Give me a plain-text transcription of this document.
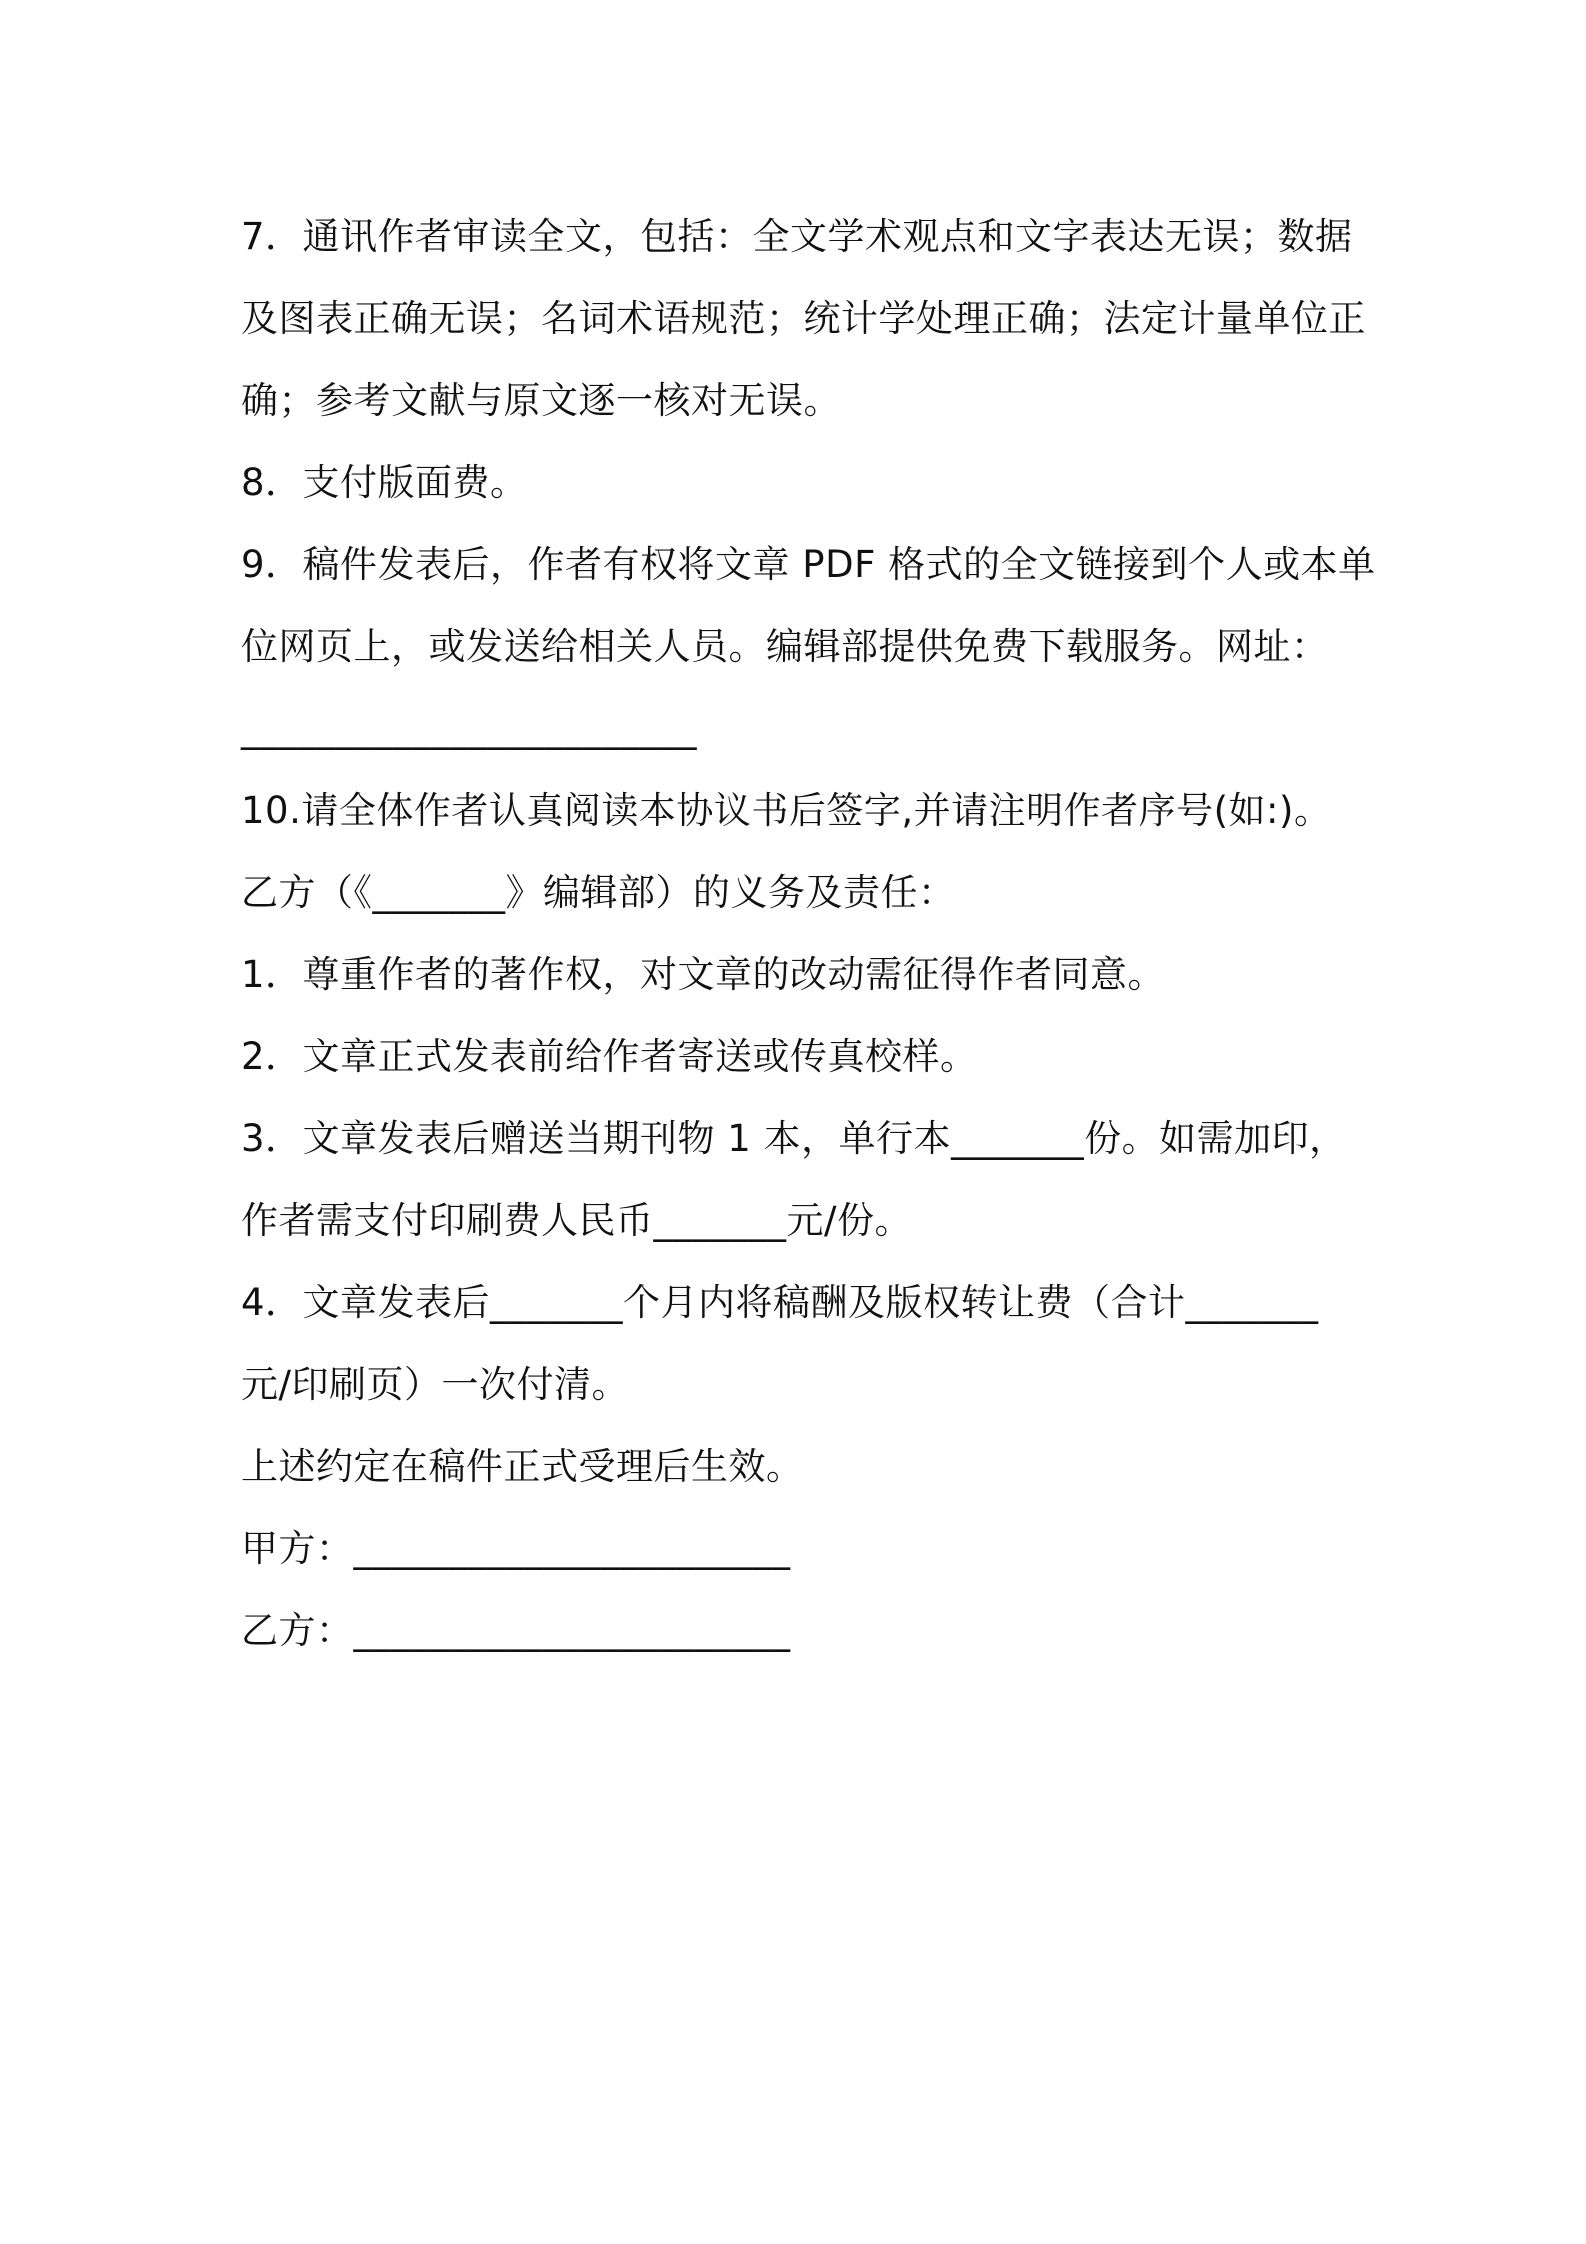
7．通讯作者审读全文，包括：全文学术观点和文字表达无误；数据
及图表正确无误；名词术语规范；统计学处理正确；法定计量单位正
确；参考文献与原文逐一核对无误。
8．支付版面费。
9．稿件发表后，作者有权将文章 PDF 格式的全文链接到个人或本单
位网页上，或发送给相关人员。编辑部提供免费下载服务。网址：
________________________
10.请全体作者认真阅读本协议书后签字,并请注明作者序号(如:)。
乙方（《_______》编辑部）的义务及责任：
1．尊重作者的著作权，对文章的改动需征得作者同意。
2．文章正式发表前给作者寄送或传真校样。
3．文章发表后赠送当期刊物 1 本，单行本_______份。如需加印，
作者需支付印刷费人民币_______元/份。
4．文章发表后_______个月内将稿酬及版权转让费（合计_______
元/印刷页）一次付清。
上述约定在稿件正式受理后生效。
甲方：_______________________
乙方：_______________________
